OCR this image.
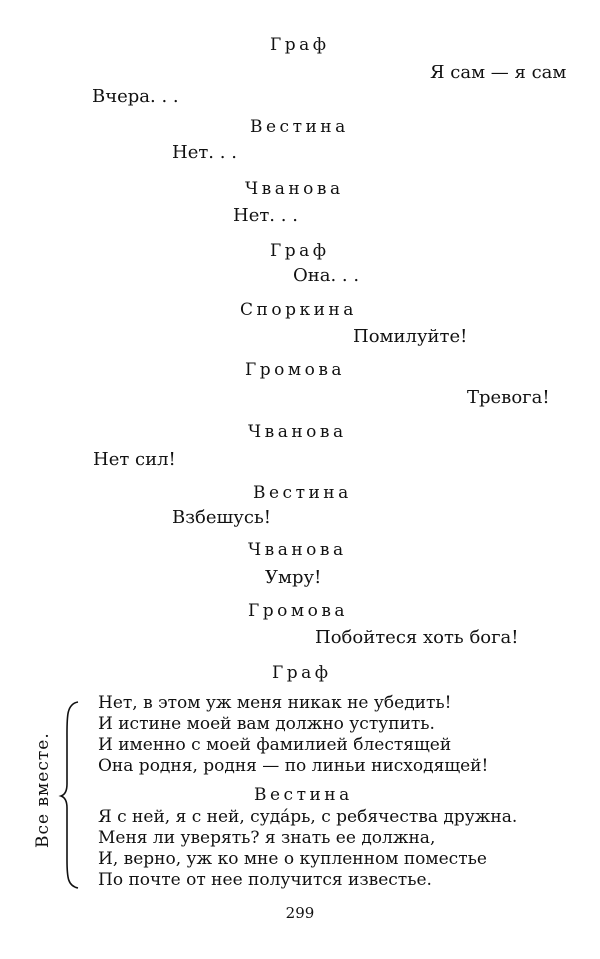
Граф
Я сам — я сам
Вчера. . .
Вестина
Нет. . .
Чванова
Нет. . .
Граф
Она. . .
Споркина
Помилуйте!
Громова
Тревога!
Чванова
Нет сил!
Вестина
Взбешусь!
Чванова
Умру!
Громова
Побойтеся хоть бога!
Граф
Все вместе.
Нет, в этом уж меня никак не убедить!
И истине моей вам должно уступить.
И именно с моей фамилией блестящей
Она родня, родня — по линьи нисходящей!
Вестина
Я с ней, я с ней, суда́рь, с ребячества дружна.
Меня ли уверять? я знать ее должна,
И, верно, уж ко мне о купленном поместье
По почте от нее получится известье.
299
